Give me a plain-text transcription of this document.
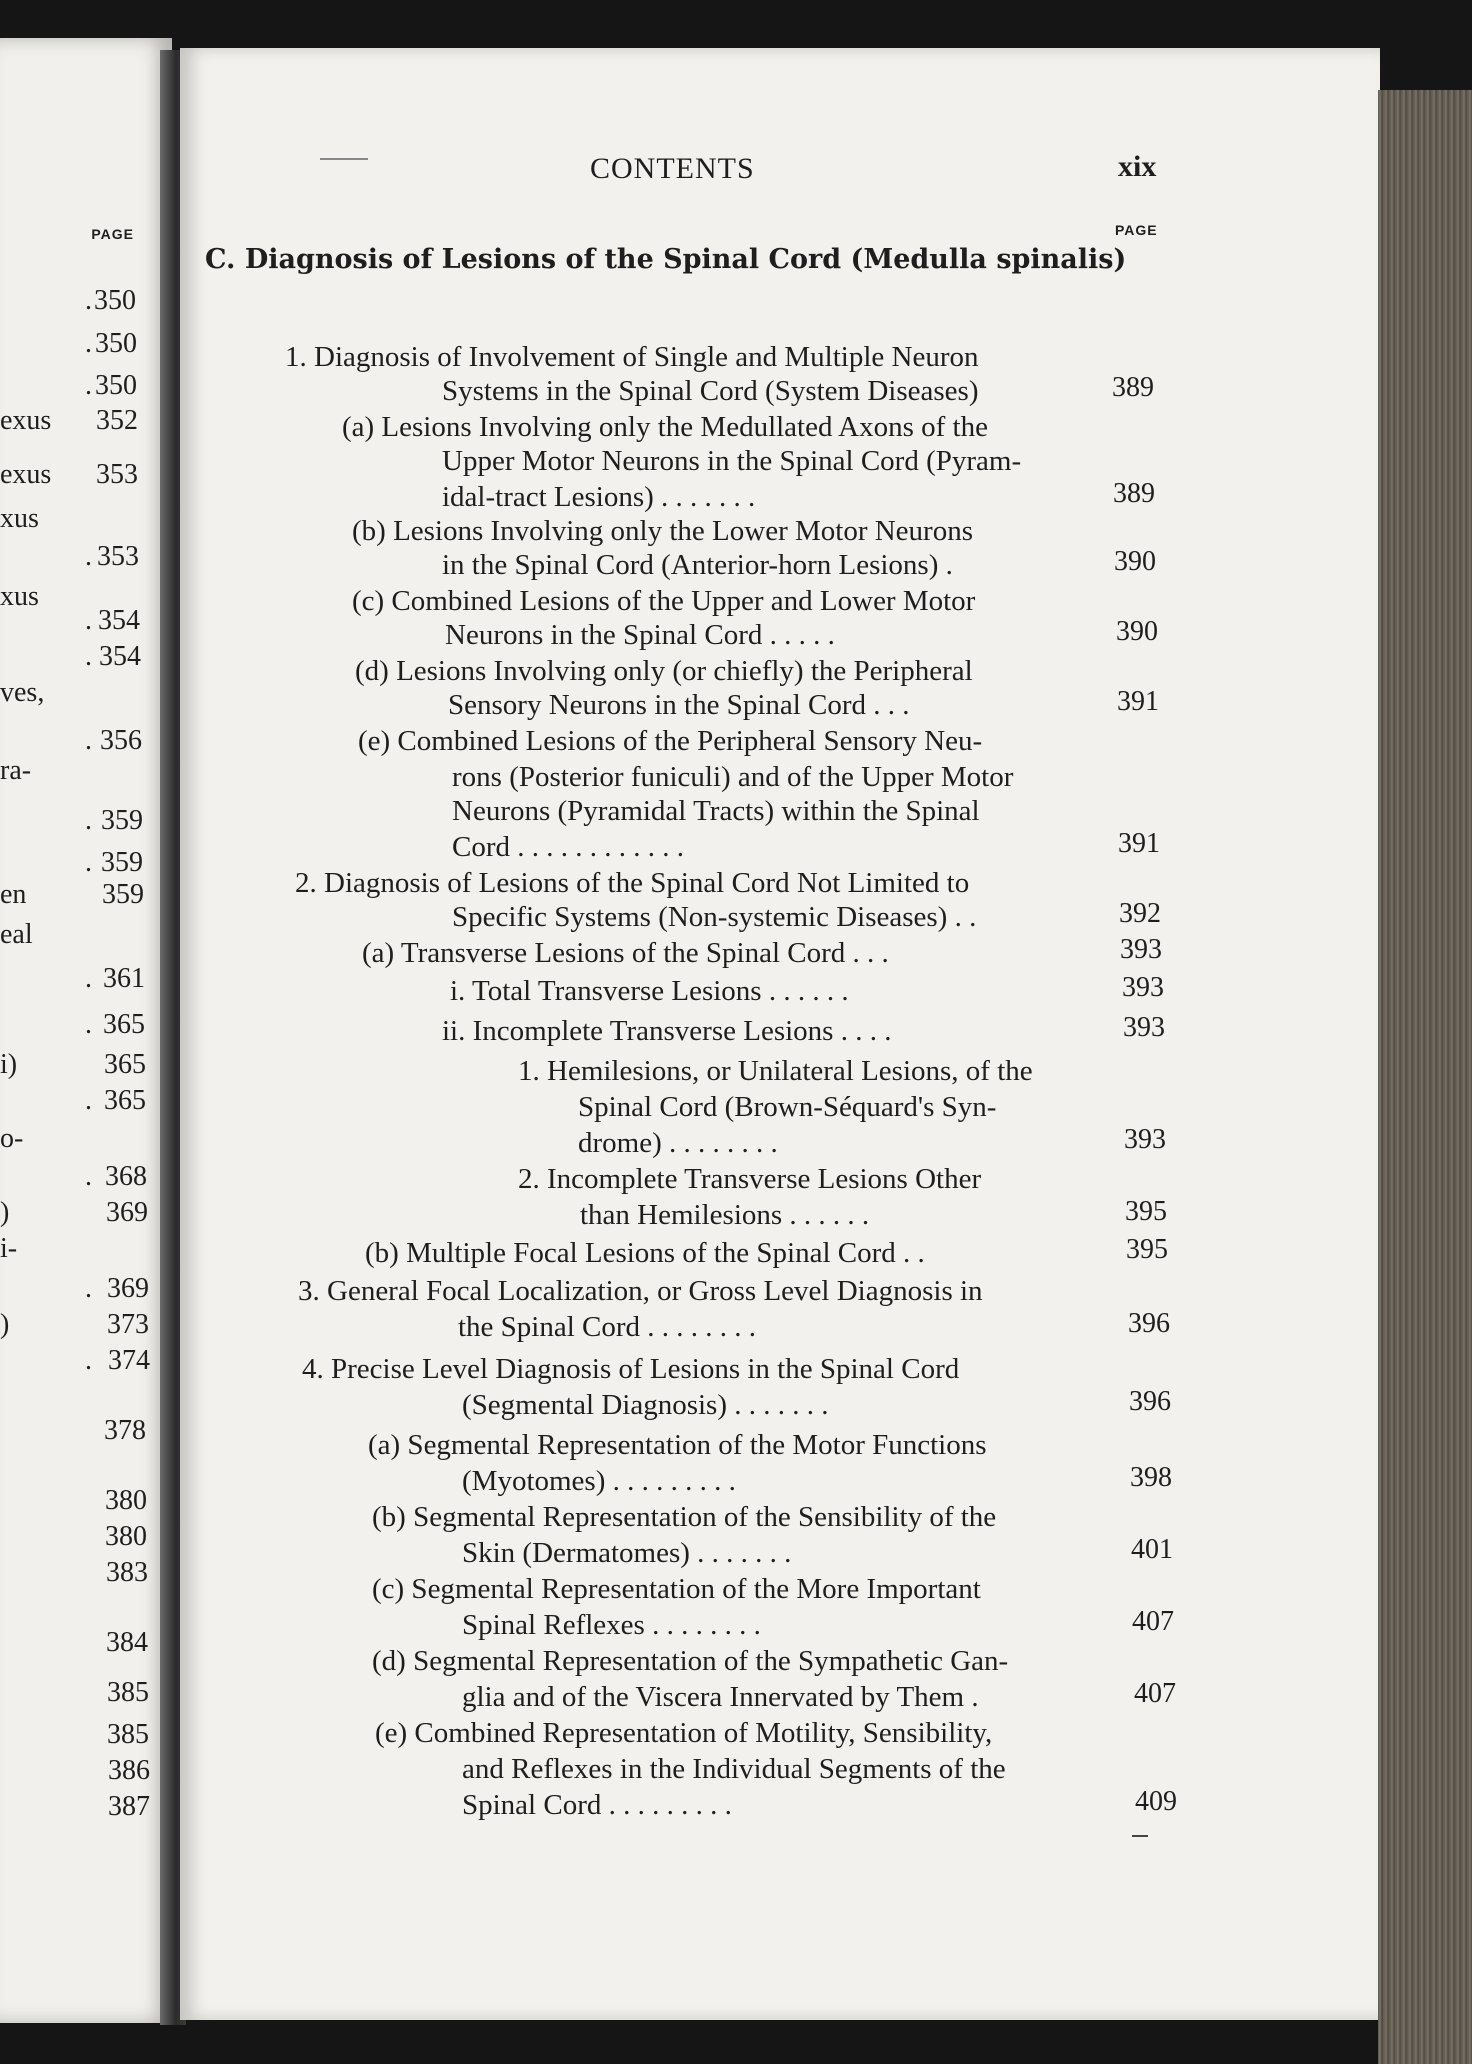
PAGE
. 350
. 350
. 350
exus 352
exus 353
xus
. 353
xus
. 354
. 354
ves,
. 356
ra-
. 359
. 359
en	359
eal
. 361
. 365
i)	365
. 365
o-
. 368
)	369
i-
. 369
)	373
. 374
378
380
380
383
384
385
385
386
387
CONTENTS	xix
PAGE
C. Diagnosis of Lesions of the Spinal Cord (Medulla spinalis)
1. Diagnosis of Involvement of Single and Multiple Neuron
Systems in the Spinal Cord (System Diseases)	389
(a) Lesions Involving only the Medullated Axons of the
Upper Motor Neurons in the Spinal Cord (Pyram-
idal-tract Lesions) . . . . . . .	389
(b) Lesions Involving only the Lower Motor Neurons
in the Spinal Cord (Anterior-horn Lesions) .	390
(c) Combined Lesions of the Upper and Lower Motor
Neurons in the Spinal Cord . . . . .	390
(d) Lesions Involving only (or chiefly) the Peripheral
Sensory Neurons in the Spinal Cord . . .	391
(e) Combined Lesions of the Peripheral Sensory Neu-
rons (Posterior funiculi) and of the Upper Motor
Neurons (Pyramidal Tracts) within the Spinal
Cord . . . . . . . . . . . .	391
2. Diagnosis of Lesions of the Spinal Cord Not Limited to
Specific Systems (Non-systemic Diseases) . .	392
(a) Transverse Lesions of the Spinal Cord . . .	393
i. Total Transverse Lesions . . . . . .	393
ii. Incomplete Transverse Lesions . . . .	393
1. Hemilesions, or Unilateral Lesions, of the
Spinal Cord (Brown-Séquard's Syn-
drome) . . . . . . . .	393
2. Incomplete Transverse Lesions Other
than Hemilesions . . . . . .	395
(b) Multiple Focal Lesions of the Spinal Cord . .	395
3. General Focal Localization, or Gross Level Diagnosis in
the Spinal Cord . . . . . . . .	396
4. Precise Level Diagnosis of Lesions in the Spinal Cord
(Segmental Diagnosis) . . . . . . .	396
(a) Segmental Representation of the Motor Functions
(Myotomes) . . . . . . . . .	398
(b) Segmental Representation of the Sensibility of the
Skin (Dermatomes) . . . . . . .	401
(c) Segmental Representation of the More Important
Spinal Reflexes . . . . . . . .	407
(d) Segmental Representation of the Sympathetic Gan-
glia and of the Viscera Innervated by Them .	407
(e) Combined Representation of Motility, Sensibility,
and Reflexes in the Individual Segments of the
Spinal Cord . . . . . . . . .	409
